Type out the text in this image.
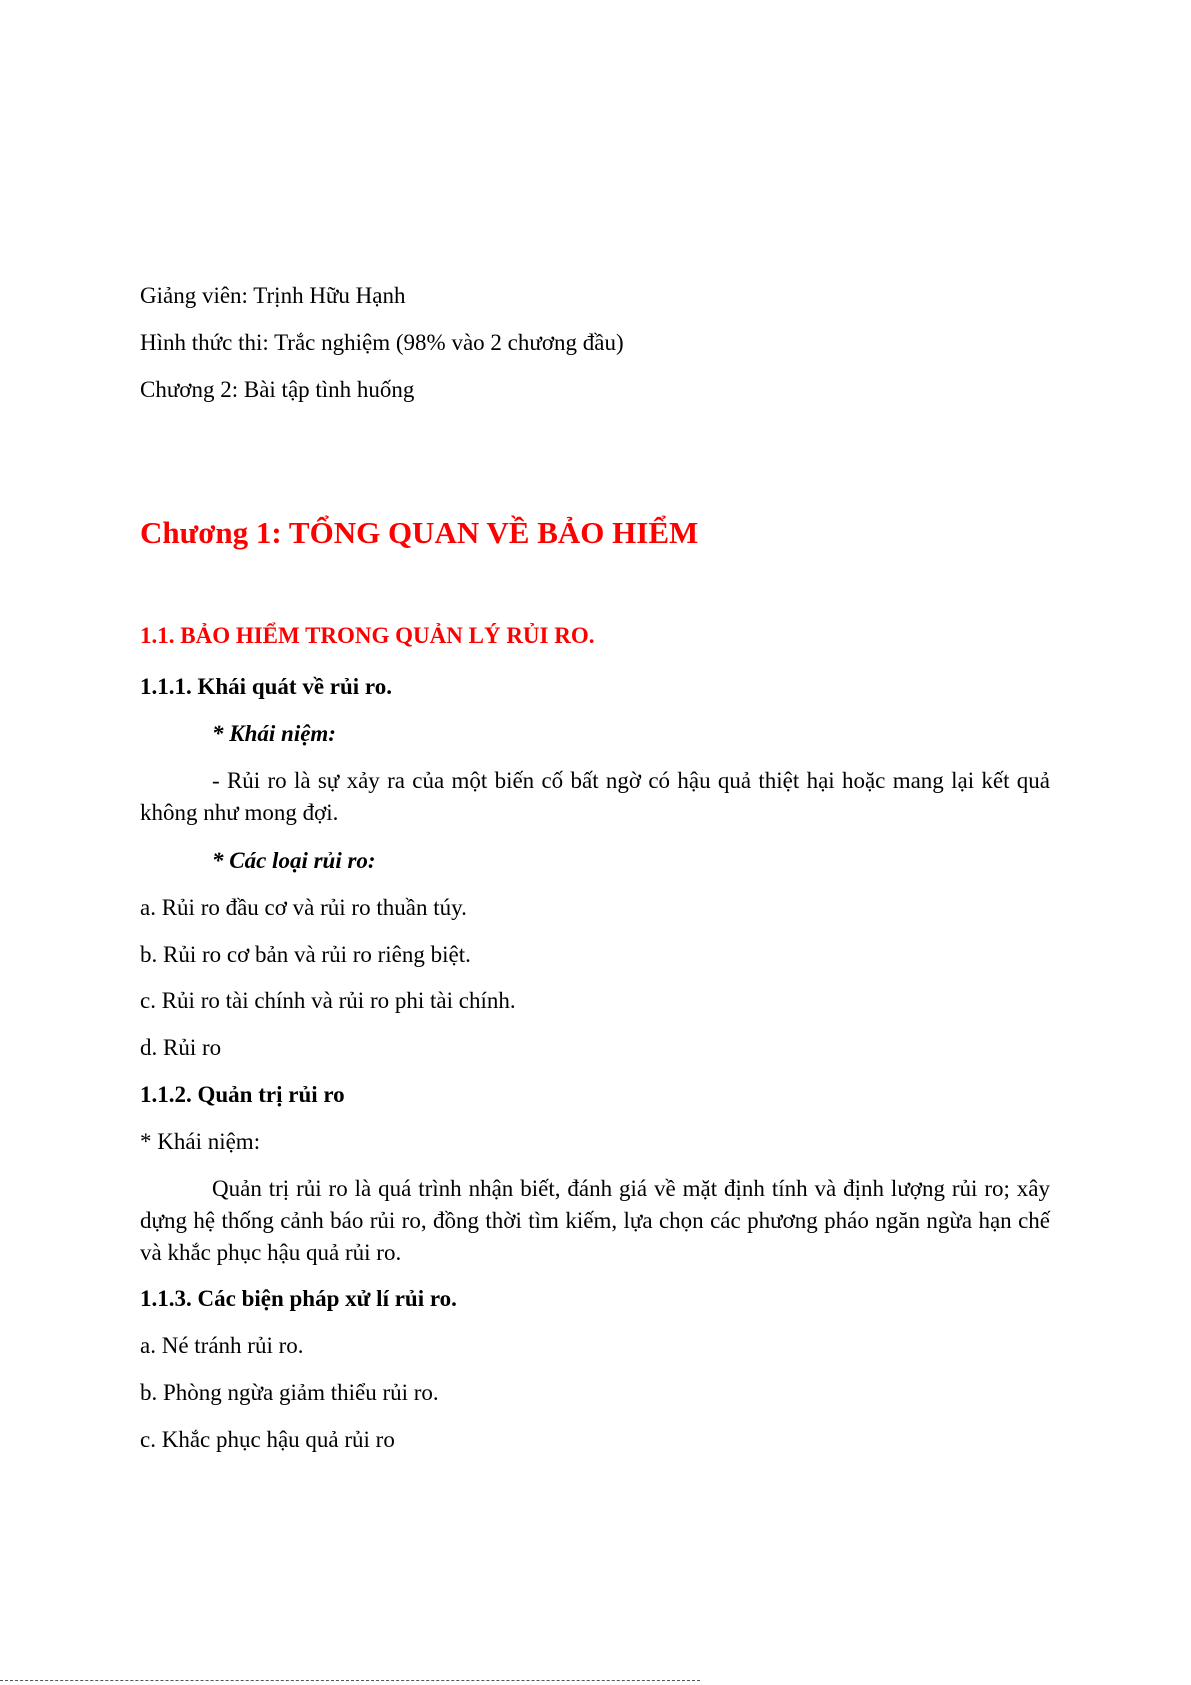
Giảng viên: Trịnh Hữu Hạnh
Hình thức thi: Trắc nghiệm (98% vào 2 chương đầu)
Chương 2: Bài tập tình huống
Chương 1: TỔNG QUAN VỀ BẢO HIỂM
1.1. BẢO HIỂM TRONG QUẢN LÝ RỦI RO.
1.1.1. Khái quát về rủi ro.
* Khái niệm:
- Rủi ro là sự xảy ra của một biến cố bất ngờ có hậu quả thiệt hại hoặc mang lại kết quả không như mong đợi.
* Các loại rủi ro:
a. Rủi ro đầu cơ và rủi ro thuần túy.
b. Rủi ro cơ bản và rủi ro riêng biệt.
c. Rủi ro tài chính và rủi ro phi tài chính.
d. Rủi ro
1.1.2. Quản trị rủi ro
* Khái niệm:
Quản trị rủi ro là quá trình nhận biết, đánh giá về mặt định tính và định lượng rủi ro; xây dựng hệ thống cảnh báo rủi ro, đồng thời tìm kiếm, lựa chọn các phương pháo ngăn ngừa hạn chế và khắc phục hậu quả rủi ro.
1.1.3. Các biện pháp xử lí rủi ro.
a. Né tránh rủi ro.
b. Phòng ngừa giảm thiểu rủi ro.
c. Khắc phục hậu quả rủi ro
